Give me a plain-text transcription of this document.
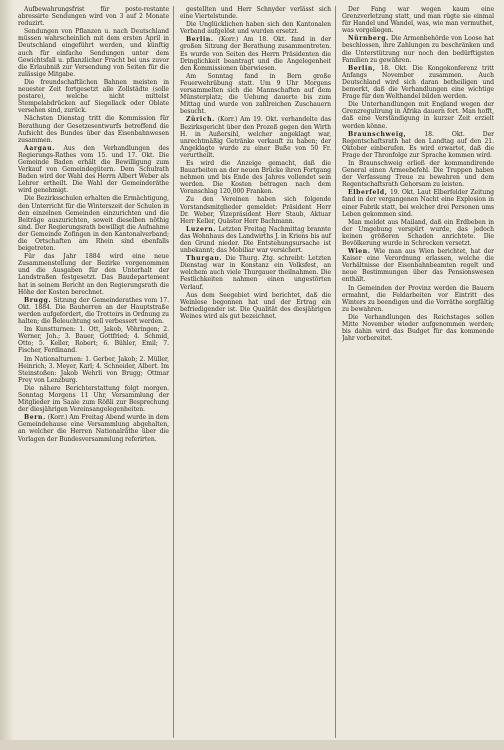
Aufbewahrungsfrist für poste-restante abressirte Sendungen wird von 3 auf 2 Monate reduzirt.

Sendungen von Pflanzen u. nach Deutschland müssen wahrscheinlich mit dem ersten April in Deutschland eingeführt werden, und künftig auch für einfache Sendungen unter dem Gewichtsfall u. pflanzlicher Fracht bei uns zuvor die Erlaubniß zur Versendung von Seiten für die zulässige Mitgabe.

Die freundschaftlichen Bahnen meisten in neuester Zeit fortgesetzt alle Zollstädte (solle postare), welche nicht mittelst Stempelabdrücken auf Siegellack oder Oblate versehen sind, zurück.

Nächsten Dienstag tritt die Kommission für Berathung der Gesetzesentwurfs betreffend die Aufsicht des Bundes über das Eisenbahnwesen zusammen.

Aargau. Aus den Verhandlungen des Regierungs-Rathes vom 15. und 17. Okt. Die Gemeinde Baden erhält die Bewilligung zum Verkauf von Gemeindegütern. Dem Schulrath Baden wird der Wahl des Herrn Albert Weber als Lehrer ertheilt. Die Wahl der Gemeinderäthe wird genehmigt.

Die Bezirksschulen erhalten die Ermächtigung, den Unterricht für die Winterszeit der Schulen in den einzelnen Gemeinden einzurichten und die Beiträge auszurichten, soweit dieselben nöthig sind. Der Regierungsrath bewilligt die Aufnahme der Gemeinde Zofingen in den Kantonalverband; die Ortschaften am Rhein sind ebenfalls beigetreten.

Für das Jahr 1884 wird eine neue Zusammenstellung der Bezirke vorgenommen und die Ausgaben für den Unterhalt der Landstraßen festgesetzt. Das Baudepartement hat in seinem Bericht an den Regierungsrath die Höhe der Kosten berechnet.

Brugg. Sitzung der Gemeinderathes vom 17. Okt. 1884. Die Bauherren an der Hauptstraße werden aufgefordert, die Trottoirs in Ordnung zu halten; die Beleuchtung soll verbessert werden.

Im Kunstturnen: 1. Ott, Jakob, Vöhringen; 2. Werner, Joh.; 3. Bauer, Gottfried; 4. Schmid, Otto; 5. Keller, Robert; 6. Bühler, Emil; 7. Fischer, Ferdinand.

Im Nationalturnen: 1. Gerber, Jakob; 2. Müller, Heinrich; 3. Meyer, Karl; 4. Schneider, Albert. Im Steinstoßen: Jakob Wehrli von Brugg; Ottmar Frey von Lenzburg.

Die nähere Berichterstattung folgt morgen. Sonntag Morgens 11 Uhr, Versammlung der Mitglieder im Saale zum Rößli zur Besprechung der diesjährigen Vereinsangelegenheiten.

Bern. (Korr.) Am Freitag Abend wurde in dem Gemeindehause eine Versammlung abgehalten, an welcher die Herren Nationalräthe über die Vorlagen der Bundesversammlung referirten.

gestellten und Herr Schnyder verlässt sich eine Viertelstunde.

Die Unglücklichen haben sich den Kantonalen Verband aufgelöst und wurden ersetzt.

Berlin. (Korr.) Am 18. Okt. fand in der großen Sitzung der Berathung zusammentreten. Es wurde von Seiten des Herrn Präsidenten die Dringlichkeit beantragt und die Angelegenheit den Kommissionen überwiesen.

Am Sonntag fand in Bern große Feuerwehrübung statt. Um 9 Uhr Morgens versammelten sich die Mannschaften auf dem Münsterplatz; die Uebung dauerte bis zum Mittag und wurde von zahlreichen Zuschauern besucht.

Zürich. (Korr.) Am 19. Okt. verhandelte das Bezirksgericht über den Prozeß gegen den Wirth H. in Außersihl, welcher angeklagt war, unrechtmäßig Getränke verkauft zu haben; der Angeklagte wurde zu einer Buße von 50 Fr. verurtheilt.

Es wird die Anzeige gemacht, daß die Bauarbeiten an der neuen Brücke ihren Fortgang nehmen und bis Ende des Jahres vollendet sein werden. Die Kosten betragen nach dem Voranschlag 120,000 Franken.

Zu den Vereinen haben sich folgende Vorstandsmitglieder gemeldet: Präsident Herr Dr. Weber, Vizepräsident Herr Staub, Aktuar Herr Keller, Quästor Herr Bachmann.

Luzern. Letzten Freitag Nachmittag brannte das Wohnhaus des Landwirths J. in Kriens bis auf den Grund nieder. Die Entstehungsursache ist unbekannt; das Mobiliar war versichert.

Thurgau. Die Thurg. Ztg. schreibt: Letzten Dienstag war in Konstanz ein Volksfest, an welchem auch viele Thurgauer theilnahmen. Die Festlichkeiten nahmen einen ungestörten Verlauf.

Aus dem Seegebiet wird berichtet, daß die Weinlese begonnen hat und der Ertrag ein befriedigender ist. Die Qualität des diesjährigen Weines wird als gut bezeichnet.

Der Fang war wegen kaum eine Grenzverletzung statt, und man rügte sie einmal für Handel und Wandel, was, wie man vermuthet, was vorgeliegen.

Nürnberg. Die Armenbehörde von Loose hat beschlossen, ihre Zahlungen zu beschränken und die Unterstützung nur noch den bedürftigsten Familien zu gewähren.

Berlin, 18. Okt. Die Kongokonferenz tritt Anfangs November zusammen. Auch Deutschland wird sich daran betheiligen und bemerkt, daß die Verhandlungen eine wichtige Frage für den Welthandel bilden werden.

Die Unterhandlungen mit England wegen der Grenzregulirung in Afrika dauern fort. Man hofft, daß eine Verständigung in kurzer Zeit erzielt werden könne.

Braunschweig,	18. Okt. Der Regentschaftsrath hat den Landtag auf den 21. Oktober einberufen. Es wird erwartet, daß die Frage der Thronfolge zur Sprache kommen wird.

In Braunschweig erließ der kommandirende General einen Armeebefehl. Die Truppen haben der Verfassung Treue zu bewahren und dem Regentschaftsrath Gehorsam zu leisten.

Elberfeld, 19. Okt. Laut Elberfelder Zeitung fand in der vergangenen Nacht eine Explosion in einer Fabrik statt, bei welcher drei Personen ums Leben gekommen sind.

Man meldet aus Mailand, daß ein Erdbeben in der Umgebung verspürt wurde, das jedoch keinen größeren Schaden anrichtete. Die Bevölkerung wurde in Schrecken versetzt.

Wien. Wie man aus Wien berichtet, hat der Kaiser eine Verordnung erlassen, welche die Verhältnisse der Eisenbahnbeamten regelt und neue Bestimmungen über das Pensionswesen enthält.

In Gemeinden der Provinz werden die Bauern ermahnt, die Feldarbeiten vor Eintritt des Winters zu beendigen und die Vorräthe sorgfältig zu bewahren.

Die Verhandlungen des Reichstages sollen Mitte November wieder aufgenommen werden; bis dahin wird das Budget für das kommende Jahr vorbereitet.
